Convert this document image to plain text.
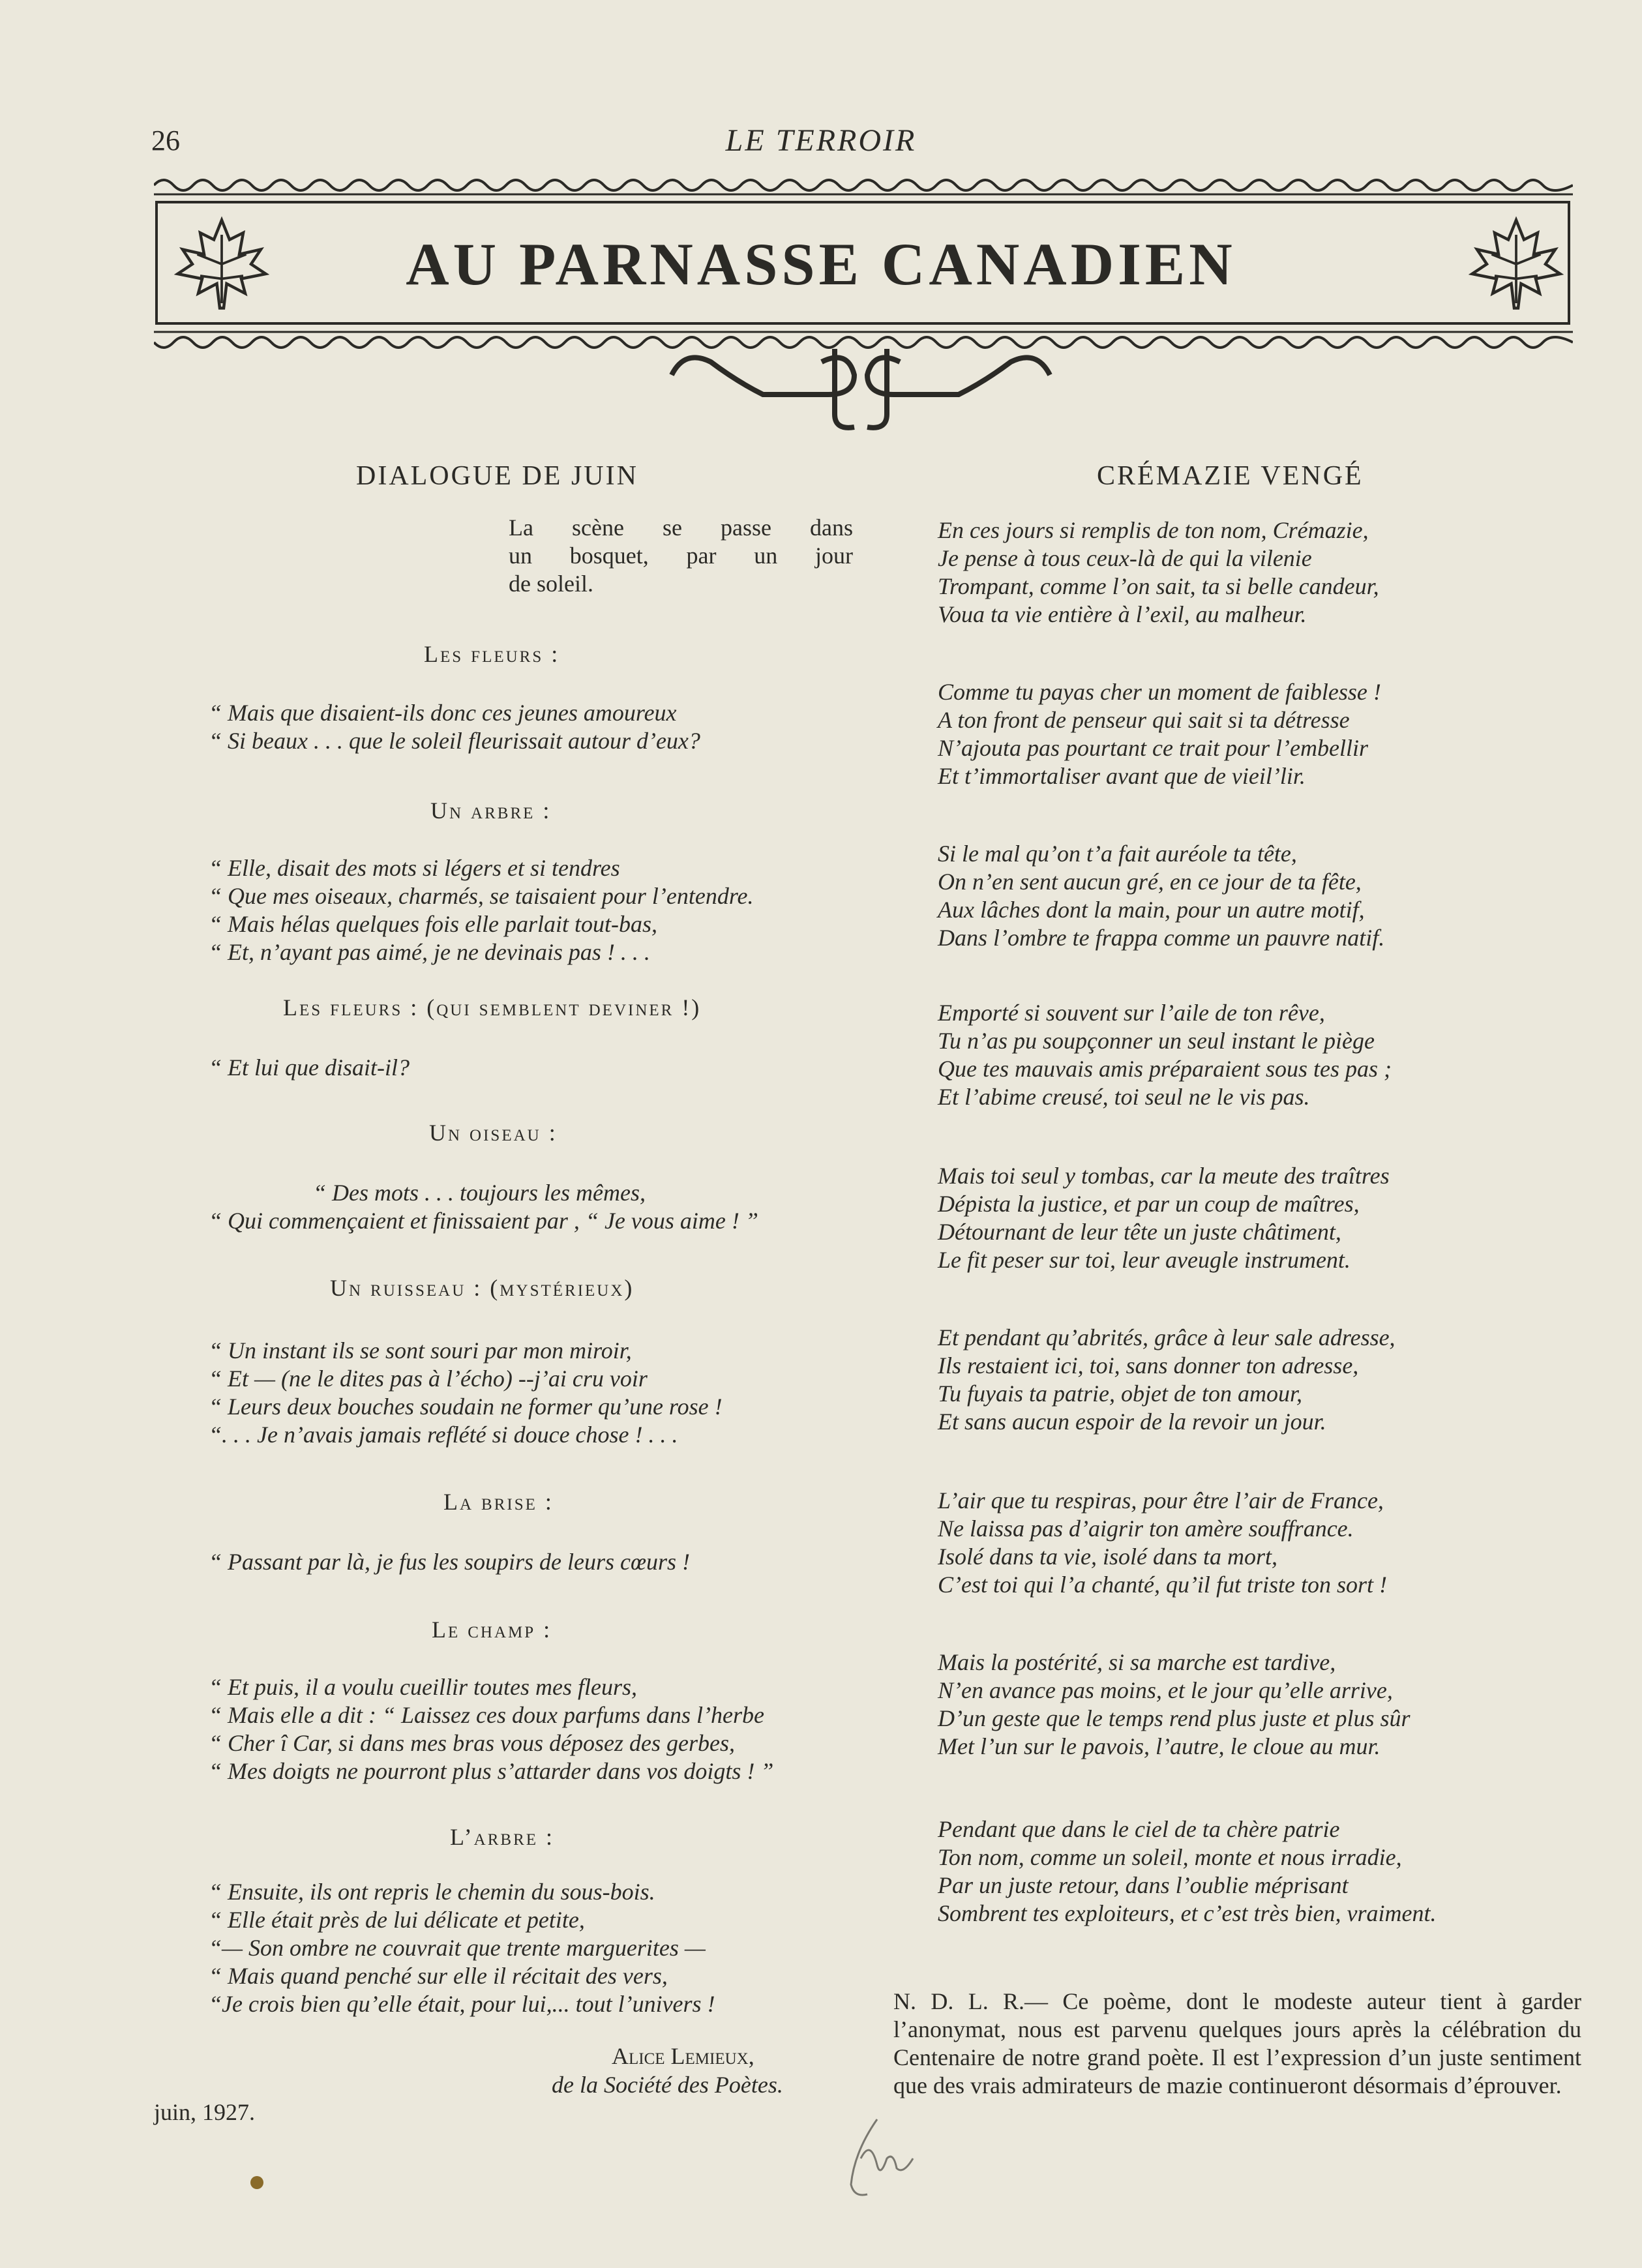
26	LE TERROIR
AU PARNASSE CANADIEN
DIALOGUE DE JUIN
La scène se passe dans
un bosquet, par un jour
de soleil.
Les fleurs :
“ Mais que disaient-ils donc ces jeunes amoureux
“ Si beaux . . . que le soleil fleurissait autour d’eux?
Un arbre :
“ Elle, disait des mots si légers et si tendres
“ Que mes oiseaux, charmés, se taisaient pour l’entendre.
“ Mais hélas quelques fois elle parlait tout-bas,
“ Et, n’ayant pas aimé, je ne devinais pas ! . . .
Les fleurs : (qui semblent deviner !)
“ Et lui que disait-il?
Un oiseau :
“ Des mots . . . toujours les mêmes,
“ Qui commençaient et finissaient par , “ Je vous aime ! ”
Un ruisseau : (mystérieux)
“ Un instant ils se sont souri par mon miroir,
“ Et — (ne le dites pas à l’écho) --j’ai cru voir
“ Leurs deux bouches soudain ne former qu’une rose !
“. . . Je n’avais jamais reflété si douce chose ! . . .
La brise :
“ Passant par là, je fus les soupirs de leurs cœurs !
Le champ :
“ Et puis, il a voulu cueillir toutes mes fleurs,
“ Mais elle a dit : “ Laissez ces doux parfums dans l’herbe
“ Cher î Car, si dans mes bras vous déposez des gerbes,
“ Mes doigts ne pourront plus s’attarder dans vos doigts ! ”
L’arbre :
“ Ensuite, ils ont repris le chemin du sous-bois.
“ Elle était près de lui délicate et petite,
“— Son ombre ne couvrait que trente marguerites —
“ Mais quand penché sur elle il récitait des vers,
“Je crois bien qu’elle était, pour lui,... tout l’univers !
Alice Lemieux,
de la Société des Poètes.
juin, 1927.
CRÉMAZIE VENGÉ
En ces jours si remplis de ton nom, Crémazie,
Je pense à tous ceux-là de qui la vilenie
Trompant, comme l’on sait, ta si belle candeur,
Voua ta vie entière à l’exil, au malheur.
Comme tu payas cher un moment de faiblesse !
A ton front de penseur qui sait si ta détresse
N’ajouta pas pourtant ce trait pour l’embellir
Et t’immortaliser avant que de vieil’lir.
Si le mal qu’on t’a fait auréole ta tête,
On n’en sent aucun gré, en ce jour de ta fête,
Aux lâches dont la main, pour un autre motif,
Dans l’ombre te frappa comme un pauvre natif.
Emporté si souvent sur l’aile de ton rêve,
Tu n’as pu soupçonner un seul instant le piège
Que tes mauvais amis préparaient sous tes pas ;
Et l’abime creusé, toi seul ne le vis pas.
Mais toi seul y tombas, car la meute des traîtres
Dépista la justice, et par un coup de maîtres,
Détournant de leur tête un juste châtiment,
Le fit peser sur toi, leur aveugle instrument.
Et pendant qu’abrités, grâce à leur sale adresse,
Ils restaient ici, toi, sans donner ton adresse,
Tu fuyais ta patrie, objet de ton amour,
Et sans aucun espoir de la revoir un jour.
L’air que tu respiras, pour être l’air de France,
Ne laissa pas d’aigrir ton amère souffrance.
Isolé dans ta vie, isolé dans ta mort,
C’est toi qui l’a chanté, qu’il fut triste ton sort !
Mais la postérité, si sa marche est tardive,
N’en avance pas moins, et le jour qu’elle arrive,
D’un geste que le temps rend plus juste et plus sûr
Met l’un sur le pavois, l’autre, le cloue au mur.
Pendant que dans le ciel de ta chère patrie
Ton nom, comme un soleil, monte et nous irradie,
Par un juste retour, dans l’oublie méprisant
Sombrent tes exploiteurs, et c’est très bien, vraiment.
N. D. L. R.— Ce poème, dont le modeste auteur tient à garder l’anonymat, nous est parvenu quelques jours après la célébration du Centenaire de notre grand poète. Il est l’expression d’un juste sentiment que des vrais admirateurs de mazie continueront désormais d’éprouver.
